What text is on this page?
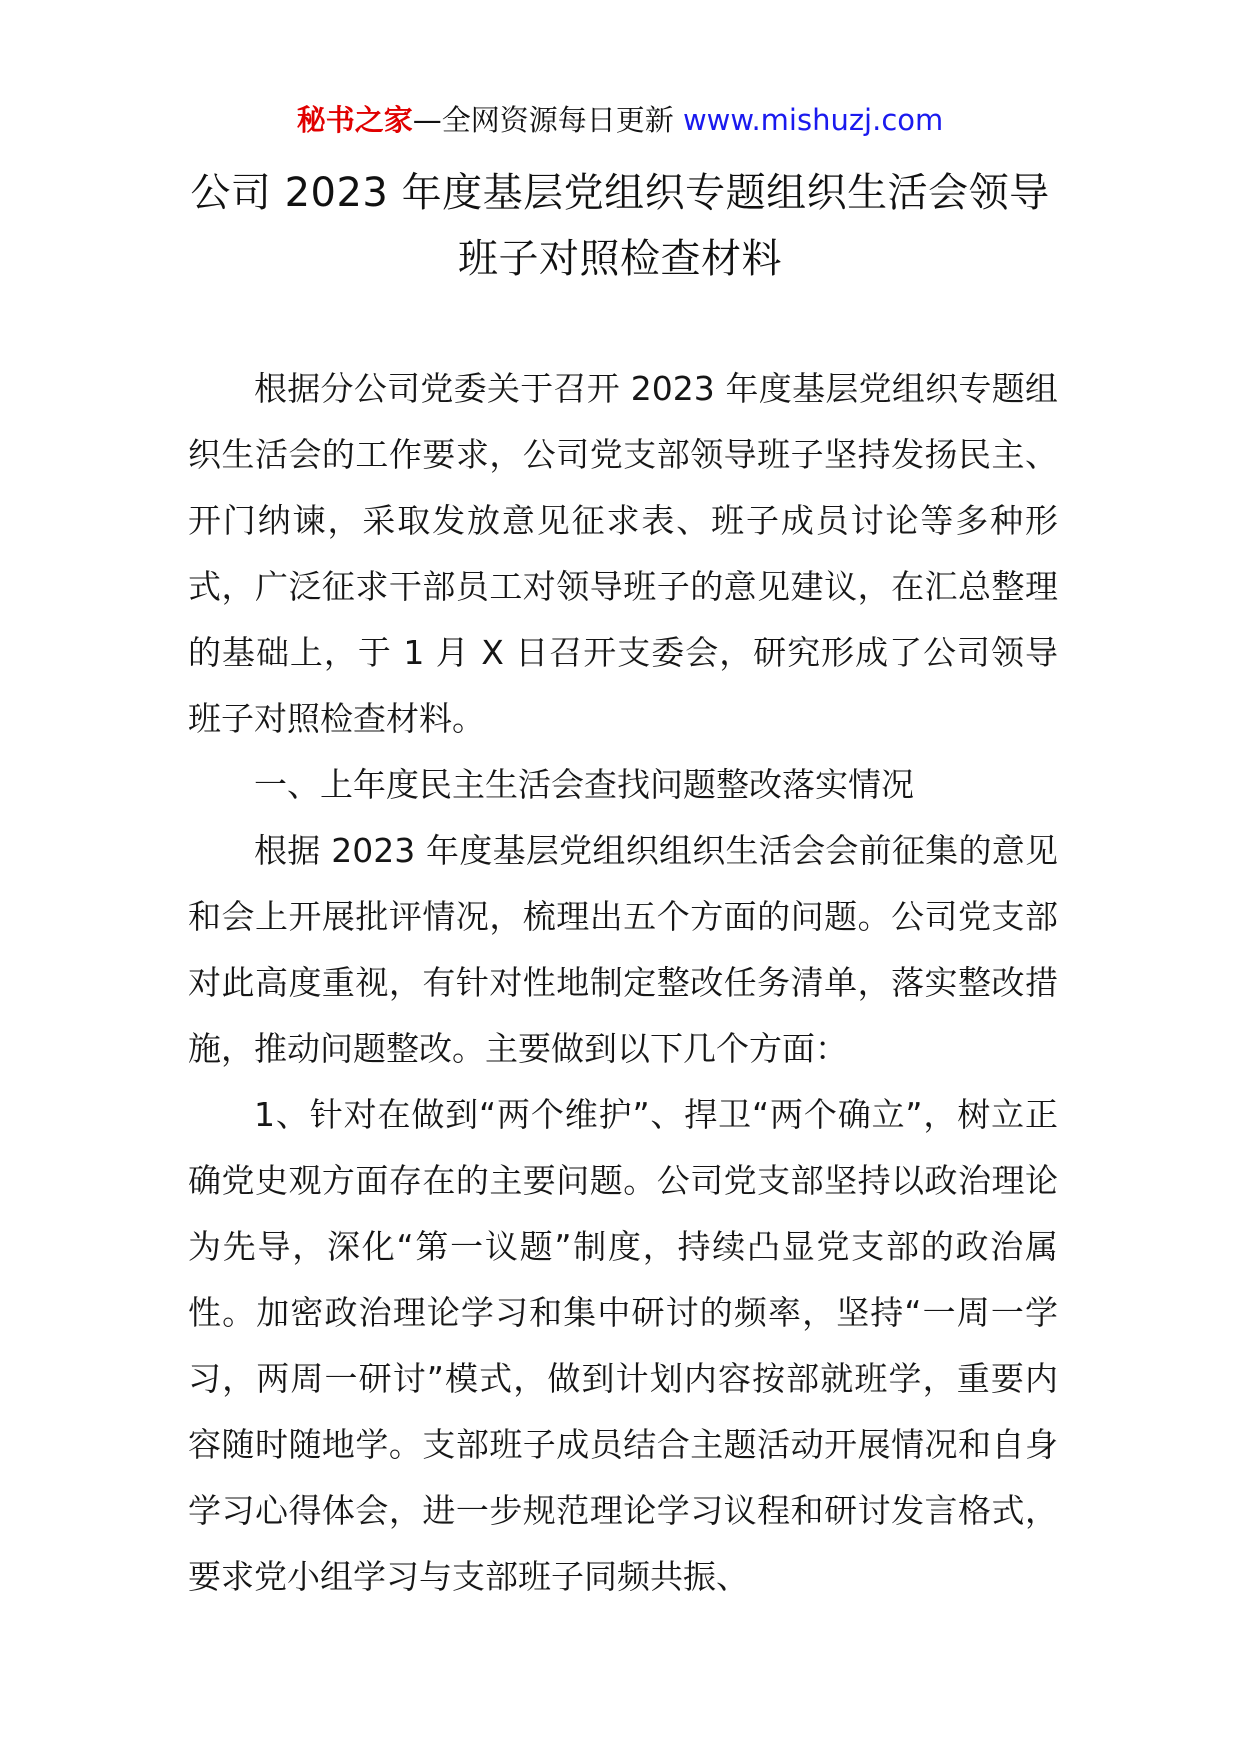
秘书之家—全网资源每日更新 www.mishuzj.com
公司 2023 年度基层党组织专题组织生活会领导
班子对照检查材料

根据分公司党委关于召开 2023 年度基层党组织专题组织生活会的工作要求，公司党支部领导班子坚持发扬民主、开门纳谏，采取发放意见征求表、班子成员讨论等多种形式，广泛征求干部员工对领导班子的意见建议，在汇总整理的基础上，于 1 月 X 日召开支委会，研究形成了公司领导班子对照检查材料。

一、上年度民主生活会查找问题整改落实情况

根据 2023 年度基层党组织组织生活会会前征集的意见和会上开展批评情况，梳理出五个方面的问题。公司党支部对此高度重视，有针对性地制定整改任务清单，落实整改措施，推动问题整改。主要做到以下几个方面：

1、针对在做到“两个维护”、捍卫“两个确立”，树立正确党史观方面存在的主要问题。公司党支部坚持以政治理论为先导，深化“第一议题”制度，持续凸显党支部的政治属性。加密政治理论学习和集中研讨的频率，坚持“一周一学习，两周一研讨”模式，做到计划内容按部就班学，重要内容随时随地学。支部班子成员结合主题活动开展情况和自身学习心得体会，进一步规范理论学习议程和研讨发言格式，要求党小组学习与支部班子同频共振、
